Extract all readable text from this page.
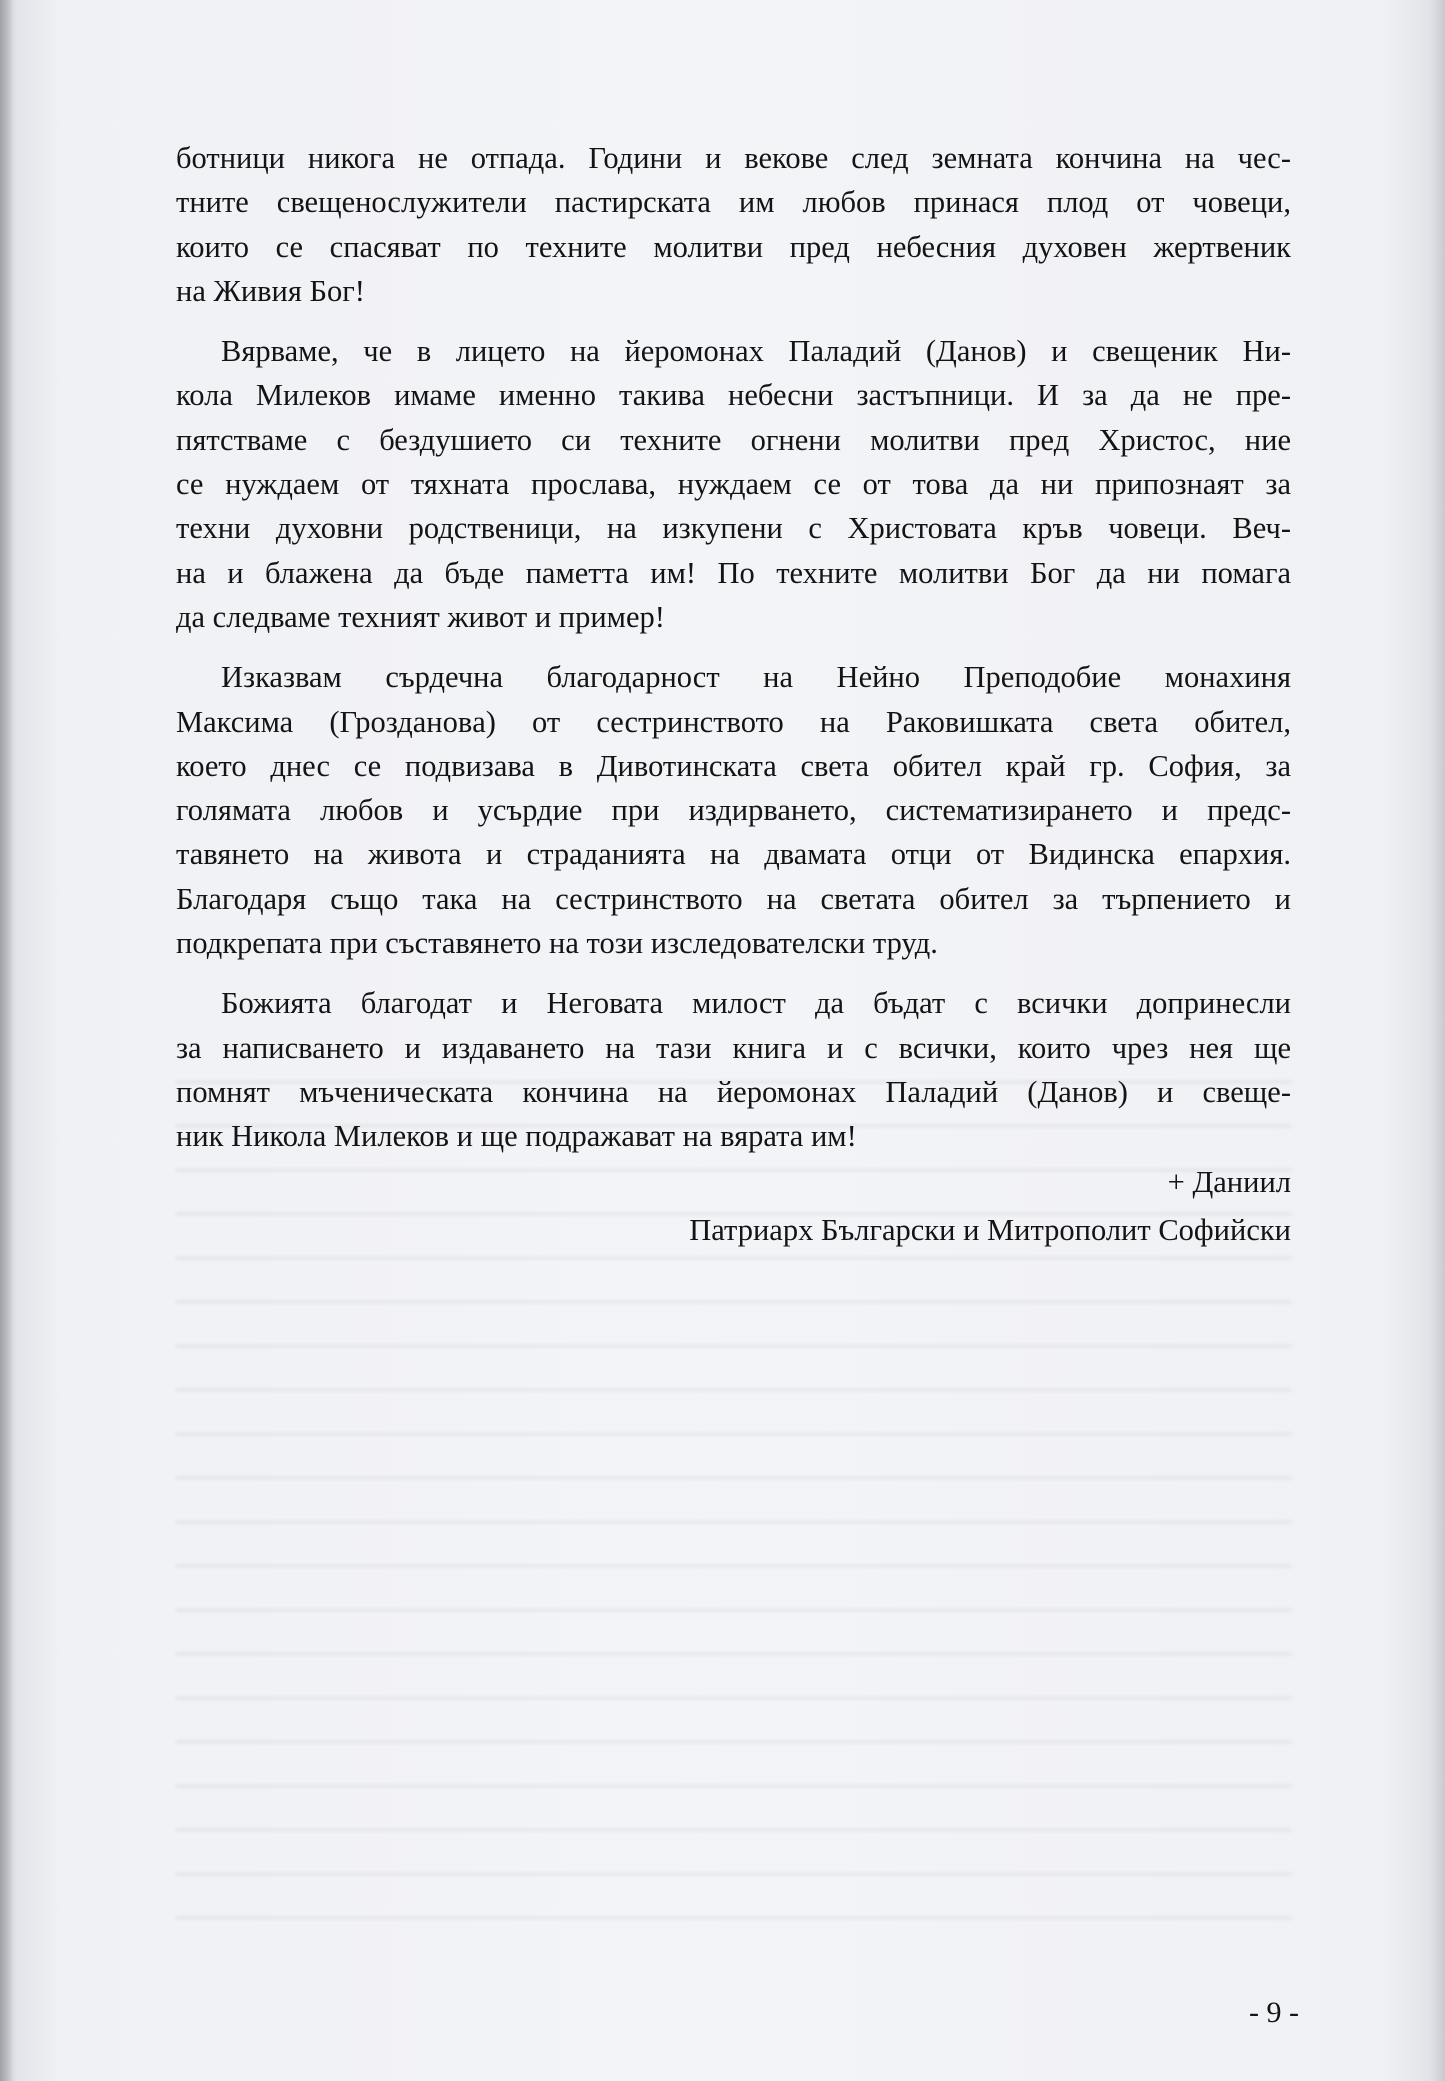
ботници никога не отпада. Години и векове след земната кончина на чес-
тните свещенослужители пастирската им любов принася плод от човеци,
които се спасяват по техните молитви пред небесния духовен жертвеник
на Живия Бог!

Вярваме, че в лицето на йеромонах Паладий (Данов) и свещеник Ни-
кола Милеков имаме именно такива небесни застъпници. И за да не пре-
пятстваме с бездушието си техните огнени молитви пред Христос, ние
се нуждаем от тяхната прослава, нуждаем се от това да ни припознаят за
техни духовни родственици, на изкупени с Христовата кръв човеци. Веч-
на и блажена да бъде паметта им! По техните молитви Бог да ни помага
да следваме техният живот и пример!

Изказвам сърдечна благодарност на Нейно Преподобие монахиня
Максима (Гроздановa) от сестринството на Раковишката света обител,
което днес се подвизава в Дивотинската света обител край гр. София, за
голямата любов и усърдие при издирването, систематизирането и предс-
тавянето на живота и страданията на двамата отци от Видинска епархия.
Благодаря също така на сестринството на светата обител за търпението и
подкрепата при съставянето на този изследователски труд.

Божията благодат и Неговата милост да бъдат с всички допринесли
за написването и издаването на тази книга и с всички, които чрез нея ще
помнят мъченическата кончина на йеромонах Паладий (Данов) и свеще-
ник Никола Милеков и ще подражават на вярата им!

+ Даниил
Патриарх Български и Митрополит Софийски
- 9 -
